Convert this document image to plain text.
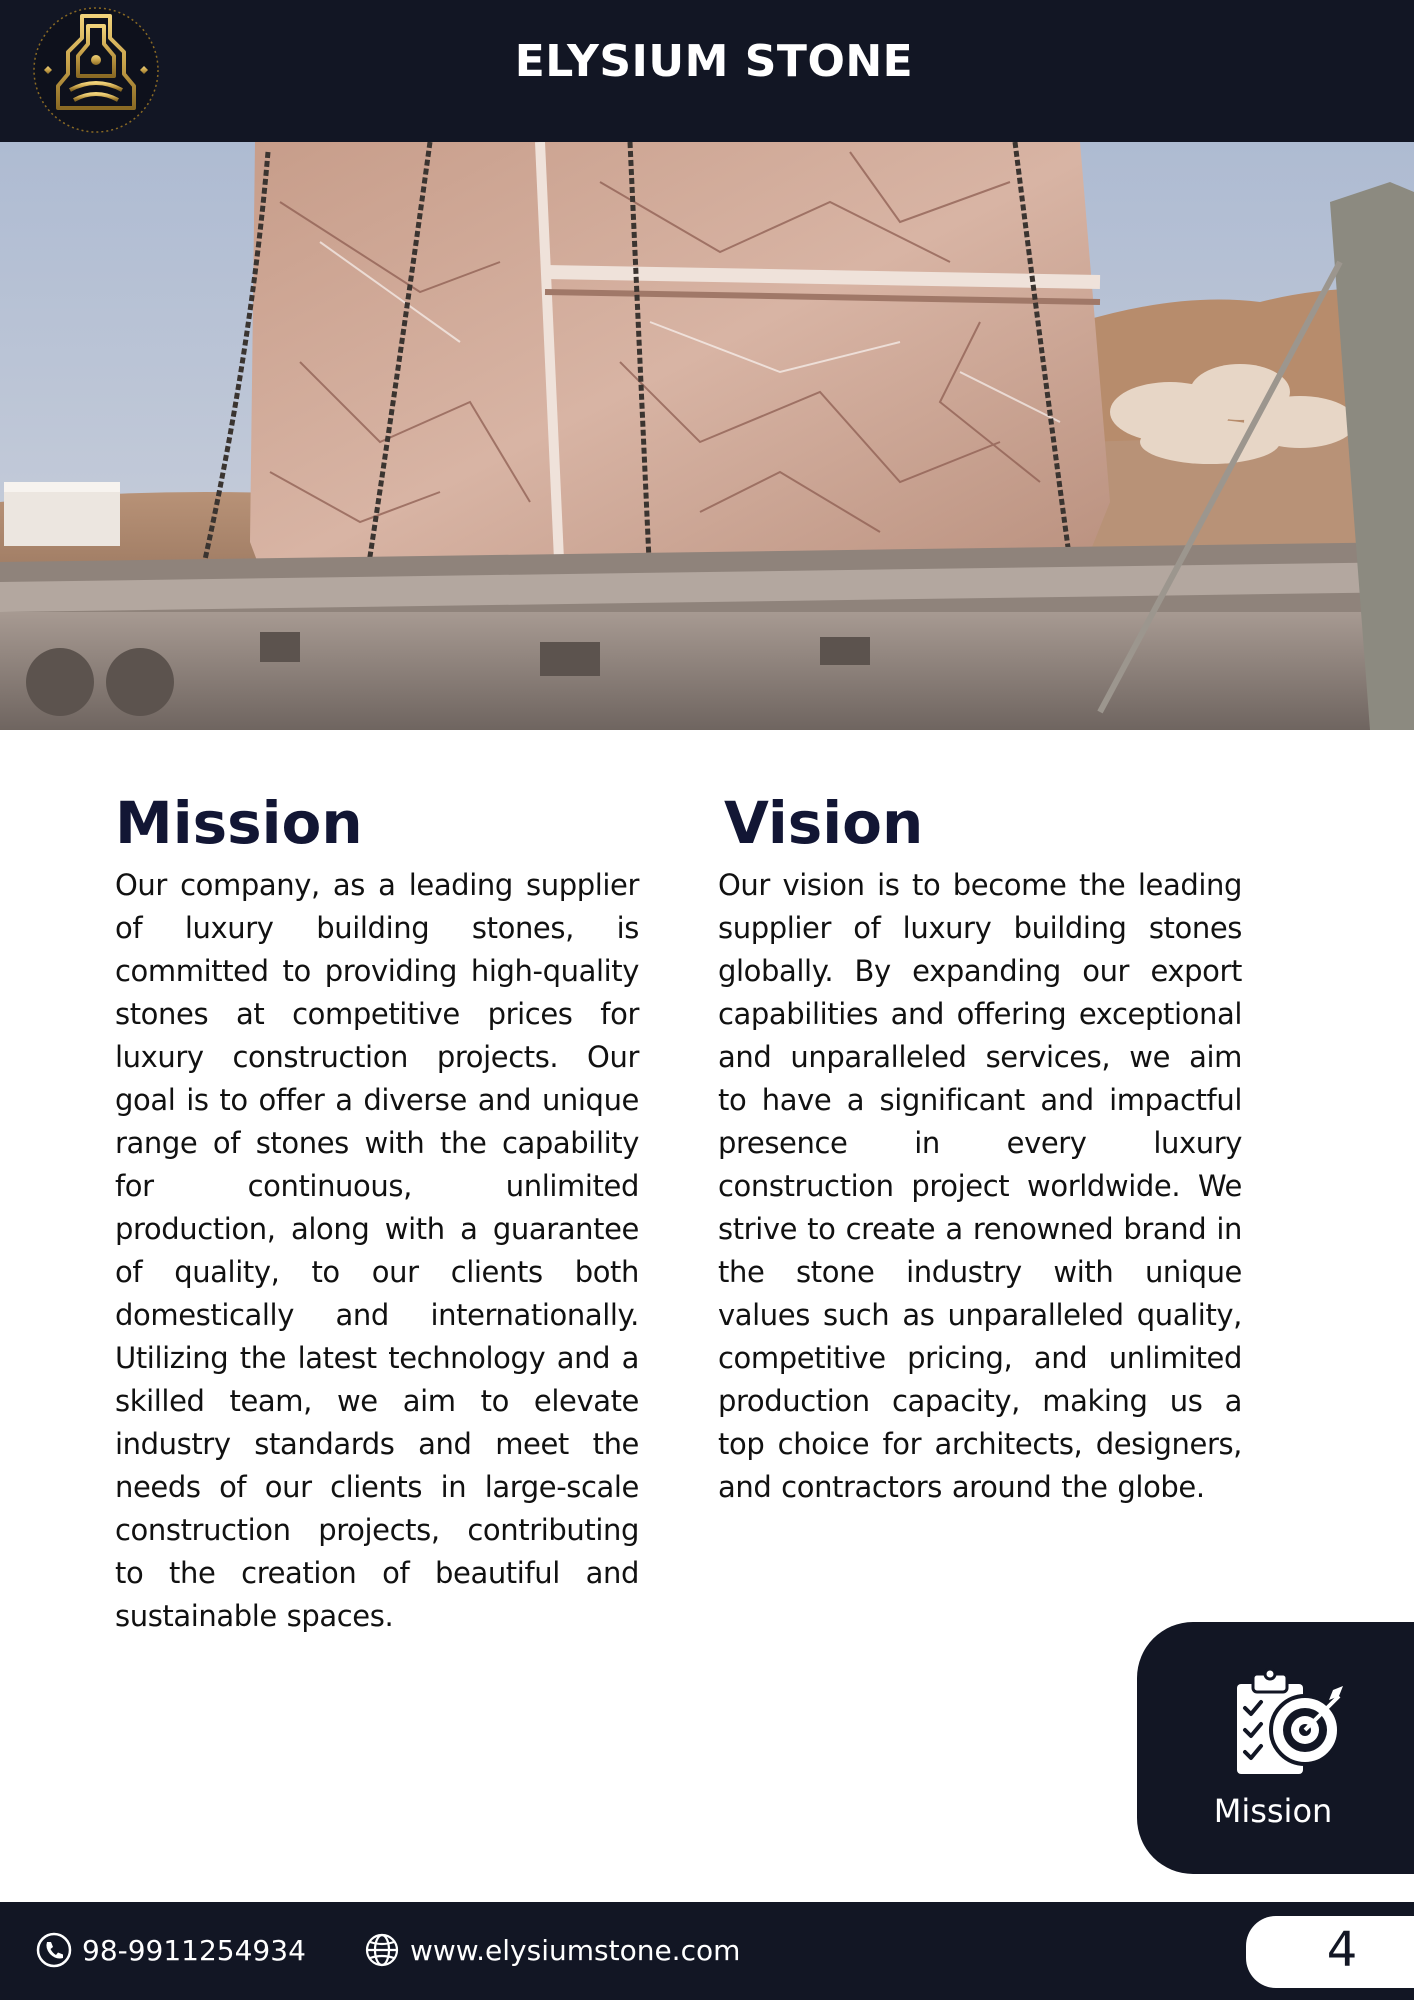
ELYSIUM STONE
Mission

Our company, as a leading supplier of luxury building stones, is committed to providing high-quality stones at competitive prices for luxury construction projects. Our goal is to offer a diverse and unique range of stones with the capability for continuous, unlimited production, along with a guarantee of quality, to our clients both domestically and internationally. Utilizing the latest technology and a skilled team, we aim to elevate industry standards and meet the needs of our clients in large-scale construction projects, contributing to the creation of beautiful and sustainable spaces.

Vision

Our vision is to become the leading supplier of luxury building stones globally. By expanding our export capabilities and offering exceptional and unparalleled services, we aim to have a significant and impactful presence in every luxury construction project worldwide. We strive to create a renowned brand in the stone industry with unique values such as unparalleled quality, competitive pricing, and unlimited production capacity, making us a top choice for architects, designers, and contractors around the globe.

Mission
98-9911254934	www.elysiumstone.com	4
